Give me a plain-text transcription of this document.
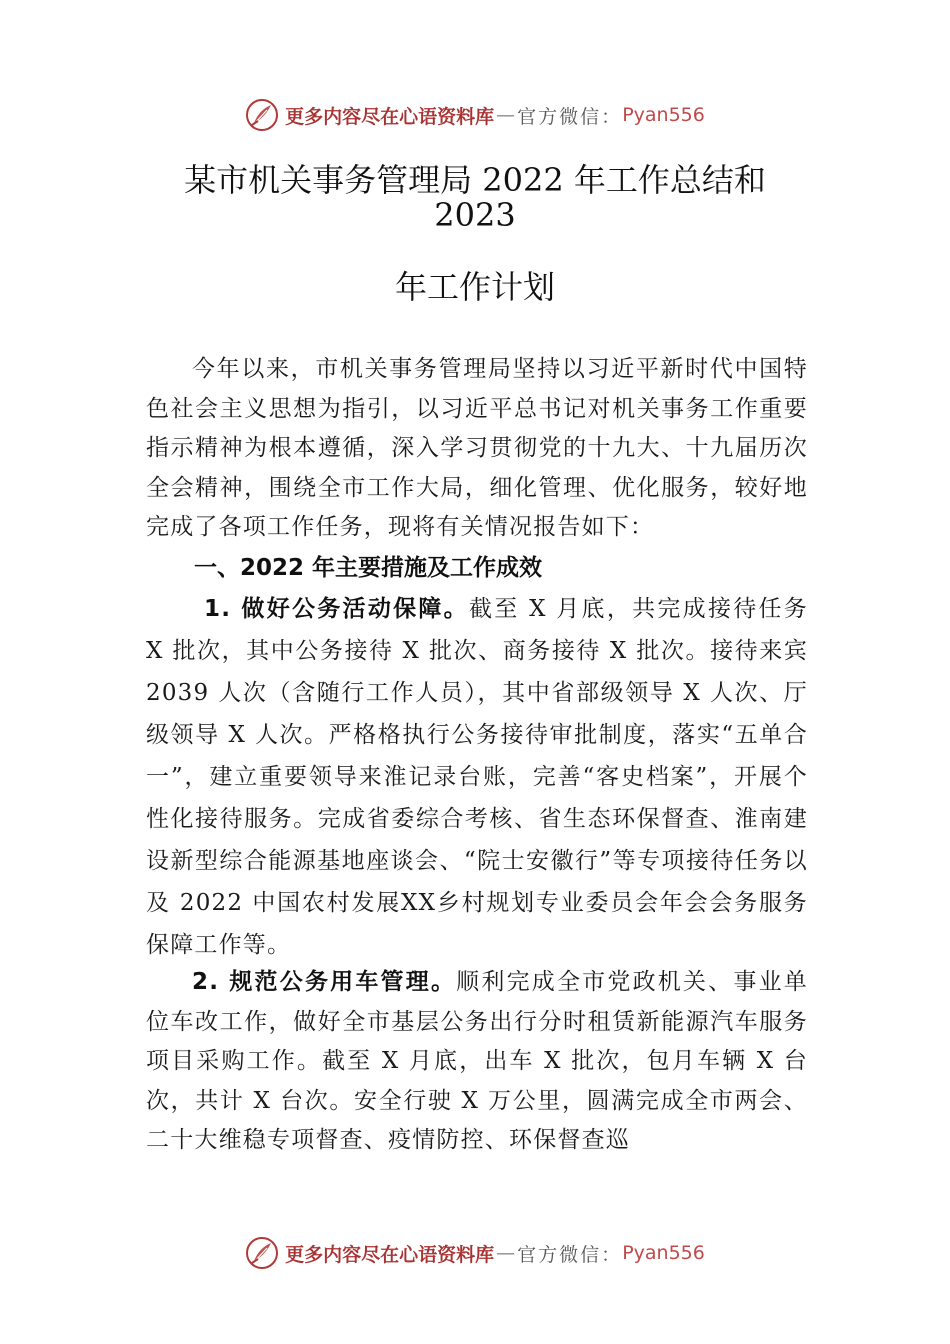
更多内容尽在心语资料库 — 官方微信： Pyan556
某市机关事务管理局 2022 年工作总结和
2023
年工作计划

今年以来，市机关事务管理局坚持以习近平新时代中国特色社会主义思想为指引，以习近平总书记对机关事务工作重要指示精神为根本遵循，深入学习贯彻党的十九大、十九届历次全会精神，围绕全市工作大局，细化管理、优化服务，较好地完成了各项工作任务，现将有关情况报告如下：

一、2022 年主要措施及工作成效

1. 做好公务活动保障。截至 X 月底，共完成接待任务 X 批次，其中公务接待 X 批次、商务接待 X 批次。接待来宾 2039 人次（含随行工作人员），其中省部级领导 X 人次、厅级领导 X 人次。严格格执行公务接待审批制度，落实“五单合一”，建立重要领导来淮记录台账，完善“客史档案”，开展个性化接待服务。完成省委综合考核、省生态环保督查、淮南建设新型综合能源基地座谈会、“院士安徽行”等专项接待任务以及 2022 中国农村发展XX乡村规划专业委员会年会会务服务保障工作等。

2. 规范公务用车管理。顺利完成全市党政机关、事业单位车改工作，做好全市基层公务出行分时租赁新能源汽车服务项目采购工作。截至 X 月底，出车 X 批次，包月车辆 X 台次，共计 X 台次。安全行驶 X 万公里，圆满完成全市两会、二十大维稳专项督查、疫情防控、环保督查巡

更多内容尽在心语资料库 — 官方微信： Pyan556
